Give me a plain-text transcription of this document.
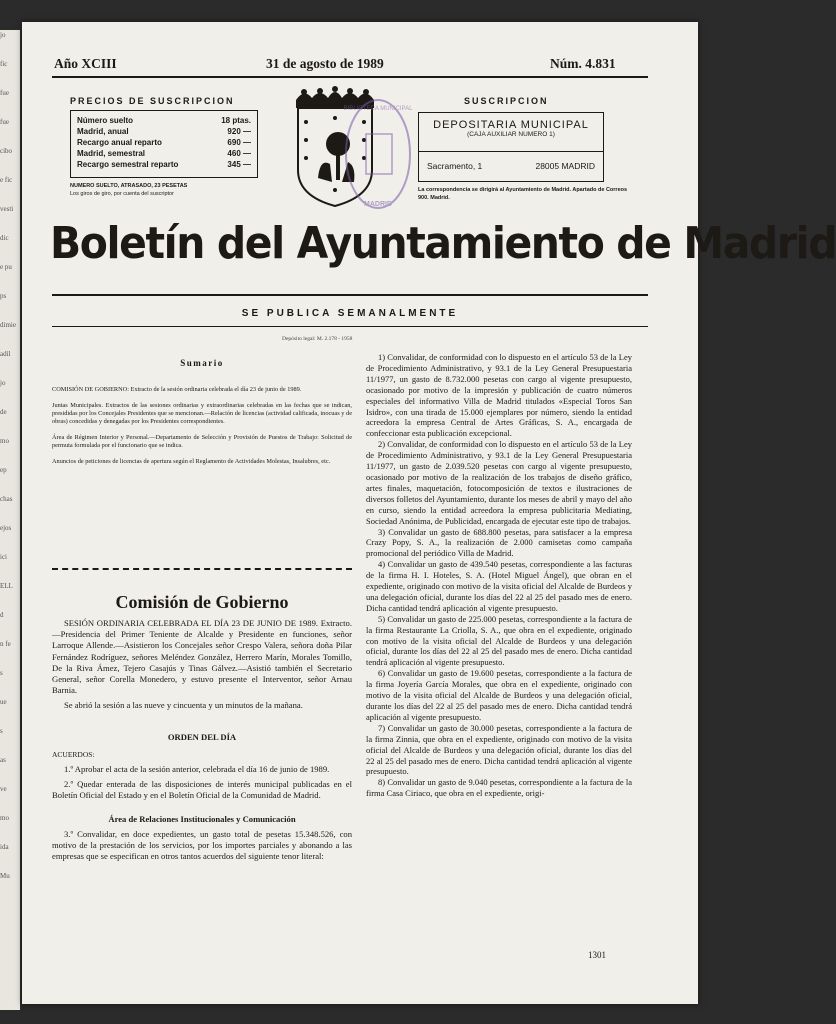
jo
fic
fue
fue
cibo
e fic
vesti
dic
e pu
ps
dimie
adil
jo
de
mo
ep
chas
ejos
ici
ELL
d
n fe
s
ue
s
as
ve
mo
ida
Mu
Año XCIII	31 de agosto de 1989	Núm. 4.831
PRECIOS DE SUSCRIPCION
Número suelto	18 ptas.
Madrid, anual	920 —
Recargo anual reparto	690 —
Madrid, semestral	460 —
Recargo semestral reparto	345 —
NUMERO SUELTO, ATRASADO, 23 PESETAS
Los giros de giro, por cuenta del suscriptor
BIBLIOTECA MUNICIPAL
MADRID
SUSCRIPCION
DEPOSITARIA MUNICIPAL
(CAJA AUXILIAR NUMERO 1)
Sacramento, 1	28005 MADRID
La correspondencia se dirigirá al Ayuntamiento de Madrid. Apartado de Correos 900. Madrid.
Boletín del Ayuntamiento de Madrid
SE PUBLICA SEMANALMENTE
Depósito legal: M. 2.178 - 1958
Sumario

COMISIÓN DE GOBIERNO: Extracto de la sesión ordinaria celebrada el día 23 de junio de 1989.

Juntas Municipales. Extractos de las sesiones ordinarias y extraordinarias celebradas en las fechas que se indican, presididas por los Concejales Presidentes que se mencionan.—Relación de licencias (actividad calificada, inocuas y de obras) concedidas y denegadas por los Presidentes correspondientes.

Área de Régimen Interior y Personal.—Departamento de Selección y Provisión de Puestos de Trabajo: Solicitud de permuta formulada por el funcionario que se indica.

Anuncios de peticiones de licencias de apertura según el Reglamento de Actividades Molestas, Insalubres, etc.

Comisión de Gobierno

SESIÓN ORDINARIA CELEBRADA EL DÍA 23 DE JUNIO DE 1989. Extracto.—Presidencia del Primer Teniente de Alcalde y Presidente en funciones, señor Larroque Allende.—Asistieron los Concejales señor Crespo Valera, señora doña Pilar Fernández Rodríguez, señores Meléndez González, Herrero Marín, Morales Tomillo, De la Riva Ámez, Tejero Casajús y Tinas Gálvez.—Asistió también el Secretario General, señor Corella Monedero, y estuvo presente el Interventor, señor Arnau Barnia.

Se abrió la sesión a las nueve y cincuenta y un minutos de la mañana.

ORDEN DEL DÍA

ACUERDOS:

1.º Aprobar el acta de la sesión anterior, celebrada el día 16 de junio de 1989.

2.º Quedar enterada de las disposiciones de interés municipal publicadas en el Boletín Oficial del Estado y en el Boletín Oficial de la Comunidad de Madrid.

Área de Relaciones Institucionales y Comunicación

3.º Convalidar, en doce expedientes, un gasto total de pesetas 15.348.526, con motivo de la prestación de los servicios, por los importes parciales y abonando a las empresas que se especifican en otros tantos acuerdos del siguiente tenor literal:

1) Convalidar, de conformidad con lo dispuesto en el artículo 53 de la Ley de Procedimiento Administrativo, y 93.1 de la Ley General Presupuestaria 11/1977, un gasto de 8.732.000 pesetas con cargo al vigente presupuesto, ocasionado por motivo de la impresión y publicación de cuatro números especiales del informativo Villa de Madrid titulados «Especial Toros San Isidro», con una tirada de 15.000 ejemplares por número, siendo la entidad acreedora la empresa Central de Artes Gráficas, S. A., encargada de confeccionar esta publicación excepcional.

2) Convalidar, de conformidad con lo dispuesto en el artículo 53 de la Ley de Procedimiento Administrativo, y 93.1 de la Ley General Presupuestaria 11/1977, un gasto de 2.039.520 pesetas con cargo al vigente presupuesto, ocasionado por motivo de la realización de los trabajos de diseño gráfico, artes finales, maquetación, fotocomposición de textos e ilustraciones de diversos folletos del Ayuntamiento, durante los meses de abril y mayo del año en curso, siendo la entidad acreedora la empresa publicitaria Mediating, Sociedad Anónima, de Publicidad, encargada de ejecutar este tipo de trabajos.

3) Convalidar un gasto de 688.800 pesetas, para satisfacer a la empresa Crazy Popy, S. A., la realización de 2.000 camisetas como campaña promocional del periódico Villa de Madrid.

4) Convalidar un gasto de 439.540 pesetas, correspondiente a las facturas de la firma H. I. Hoteles, S. A. (Hotel Miguel Ángel), que obran en el expediente, originado con motivo de la visita oficial del Alcalde de Burdeos y una delegación oficial, durante los días del 22 al 25 del pasado mes de enero. Dicha cantidad tendrá aplicación al vigente presupuesto.

5) Convalidar un gasto de 225.000 pesetas, correspondiente a la factura de la firma Restaurante La Criolla, S. A., que obra en el expediente, originado con motivo de la visita oficial del Alcalde de Burdeos y una delegación oficial, durante los días del 22 al 25 del pasado mes de enero. Dicha cantidad tendrá aplicación al vigente presupuesto.

6) Convalidar un gasto de 19.600 pesetas, correspondiente a la factura de la firma Joyería García Morales, que obra en el expediente, originado con motivo de la visita oficial del Alcalde de Burdeos y una delegación oficial, durante los días del 22 al 25 del pasado mes de enero. Dicha cantidad tendrá aplicación al vigente presupuesto.

7) Convalidar un gasto de 30.000 pesetas, correspondiente a la factura de la firma Zinnia, que obra en el expediente, originado con motivo de la visita oficial del Alcalde de Burdeos y una delegación oficial, durante los días del 22 al 25 del pasado mes de enero. Dicha cantidad tendrá aplicación al vigente presupuesto.

8) Convalidar un gasto de 9.040 pesetas, correspondiente a la factura de la firma Casa Ciriaco, que obra en el expediente, origi-

1301
